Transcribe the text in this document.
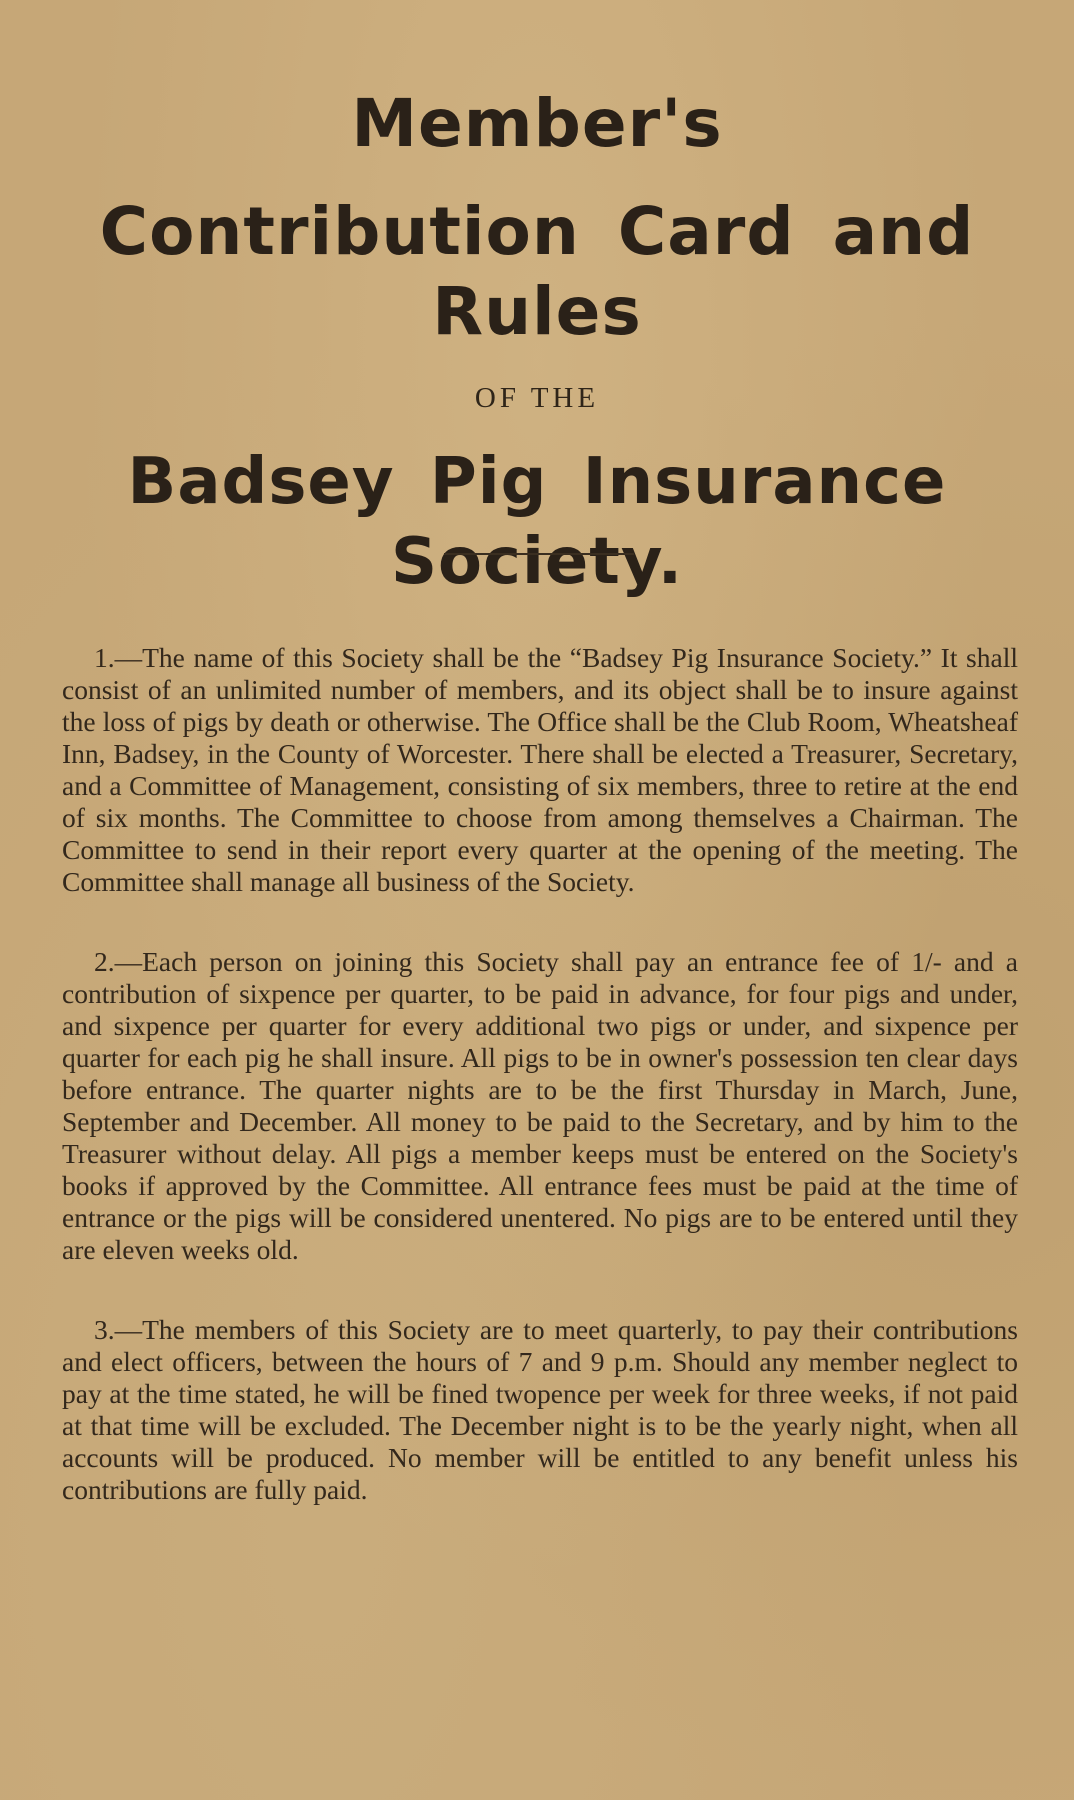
Member's
Contribution Card and Rules
OF THE
Badsey Pig Insurance Society.

1.—The name of this Society shall be the “Badsey Pig Insurance Society.” It shall consist of an unlimited number of members, and its object shall be to insure against the loss of pigs by death or otherwise. The Office shall be the Club Room, Wheatsheaf Inn, Badsey, in the County of Worcester. There shall be elected a Treasurer, Secretary, and a Committee of Management, consisting of six members, three to retire at the end of six months. The Committee to choose from among themselves a Chairman. The Committee to send in their report every quarter at the opening of the meeting. The Committee shall manage all business of the Society.

2.—Each person on joining this Society shall pay an entrance fee of 1/- and a contribution of sixpence per quarter, to be paid in advance, for four pigs and under, and sixpence per quarter for every additional two pigs or under, and sixpence per quarter for each pig he shall insure. All pigs to be in owner's possession ten clear days before entrance. The quarter nights are to be the first Thursday in March, June, September and December. All money to be paid to the Secretary, and by him to the Treasurer without delay. All pigs a member keeps must be entered on the Society's books if approved by the Committee. All entrance fees must be paid at the time of entrance or the pigs will be considered unentered. No pigs are to be entered until they are eleven weeks old.

3.—The members of this Society are to meet quarterly, to pay their contributions and elect officers, between the hours of 7 and 9 p.m. Should any member neglect to pay at the time stated, he will be fined twopence per week for three weeks, if not paid at that time will be excluded. The December night is to be the yearly night, when all accounts will be produced. No member will be entitled to any benefit unless his contributions are fully paid.
